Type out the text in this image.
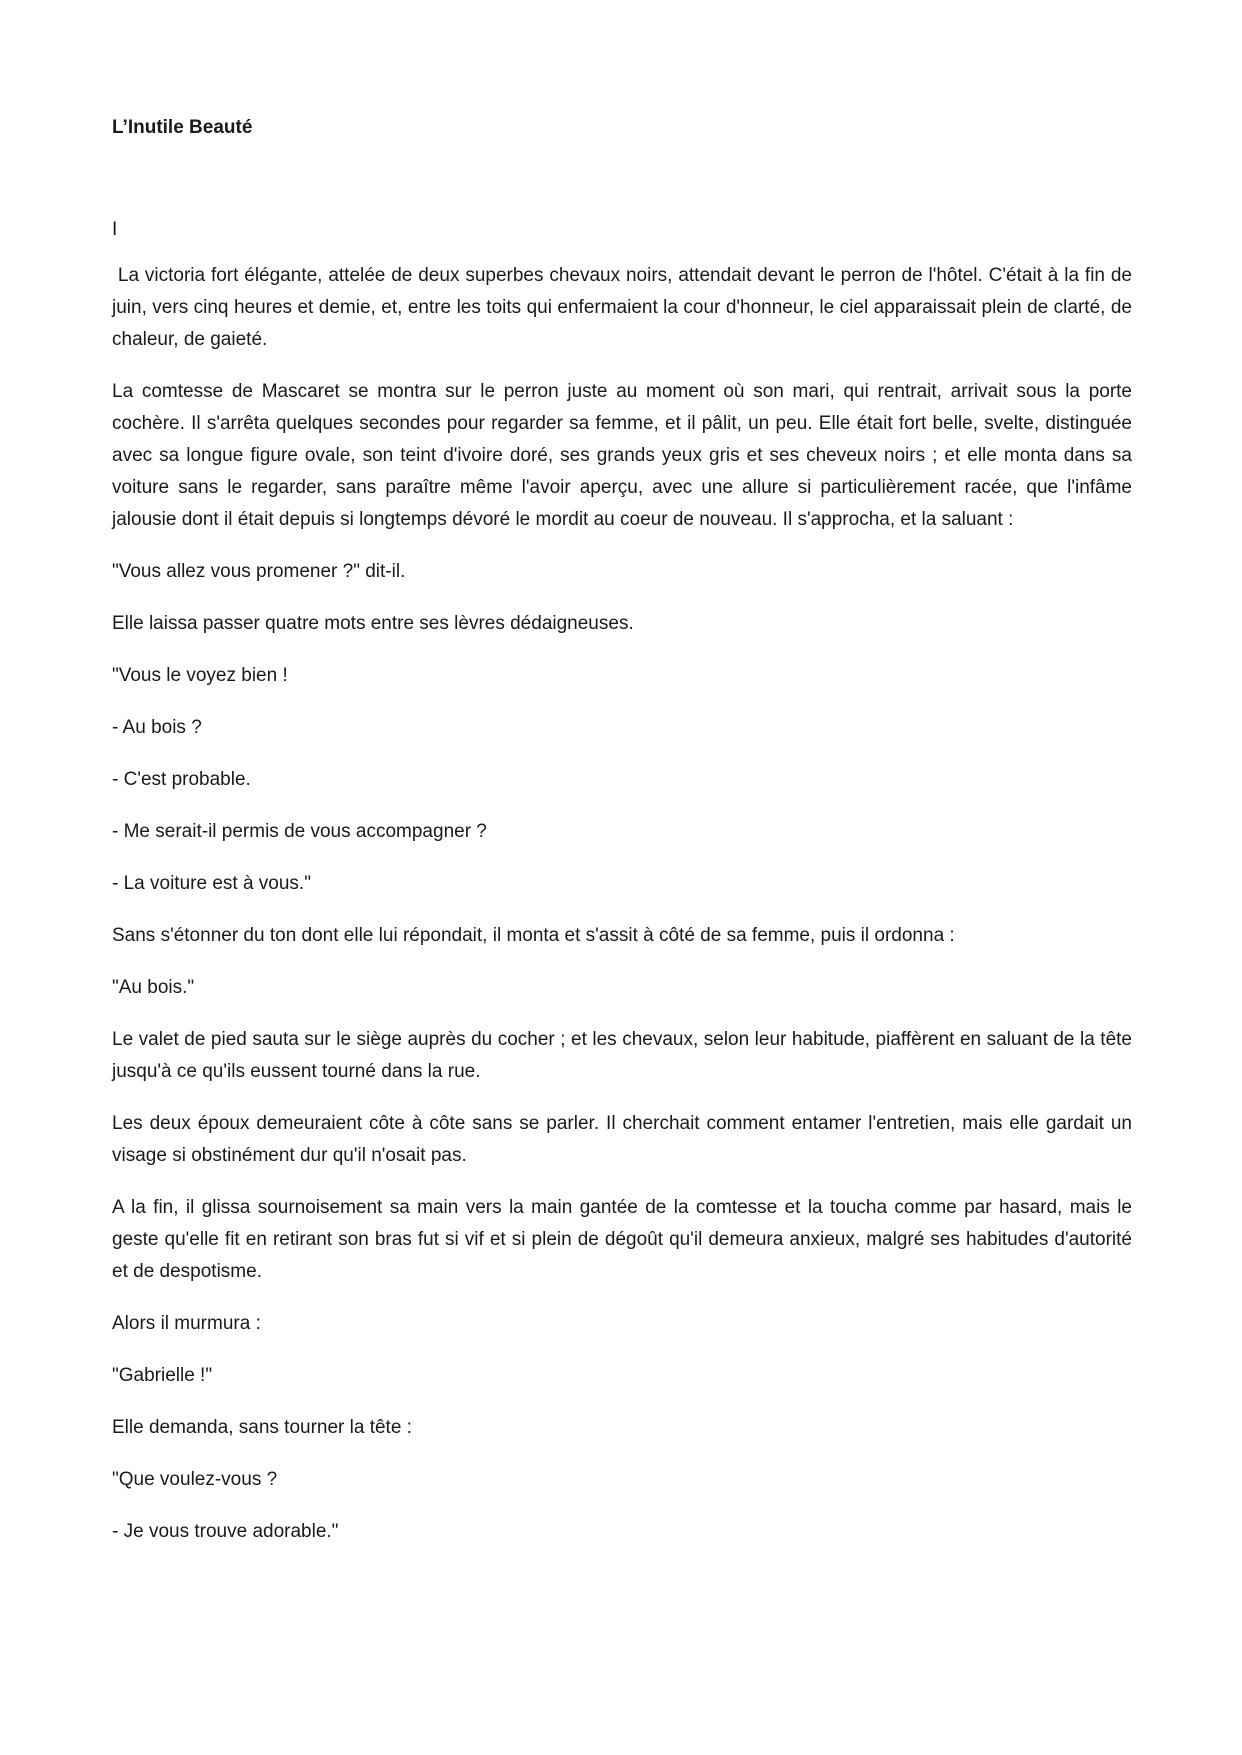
L’Inutile Beauté

I

La victoria fort élégante, attelée de deux superbes chevaux noirs, attendait devant le perron de l'hôtel. C'était à la fin de juin, vers cinq heures et demie, et, entre les toits qui enfermaient la cour d'honneur, le ciel apparaissait plein de clarté, de chaleur, de gaieté.

La comtesse de Mascaret se montra sur le perron juste au moment où son mari, qui rentrait, arrivait sous la porte cochère. Il s'arrêta quelques secondes pour regarder sa femme, et il pâlit, un peu. Elle était fort belle, svelte, distinguée avec sa longue figure ovale, son teint d'ivoire doré, ses grands yeux gris et ses cheveux noirs ; et elle monta dans sa voiture sans le regarder, sans paraître même l'avoir aperçu, avec une allure si particulièrement racée, que l'infâme jalousie dont il était depuis si longtemps dévoré le mordit au coeur de nouveau. Il s'approcha, et la saluant :

"Vous allez vous promener ?" dit-il.

Elle laissa passer quatre mots entre ses lèvres dédaigneuses.

"Vous le voyez bien !

- Au bois ?

- C'est probable.

- Me serait-il permis de vous accompagner ?

- La voiture est à vous."

Sans s'étonner du ton dont elle lui répondait, il monta et s'assit à côté de sa femme, puis il ordonna :

"Au bois."

Le valet de pied sauta sur le siège auprès du cocher ; et les chevaux, selon leur habitude, piaffèrent en saluant de la tête jusqu'à ce qu'ils eussent tourné dans la rue.

Les deux époux demeuraient côte à côte sans se parler. Il cherchait comment entamer l'entretien, mais elle gardait un visage si obstinément dur qu'il n'osait pas.

A la fin, il glissa sournoisement sa main vers la main gantée de la comtesse et la toucha comme par hasard, mais le geste qu'elle fit en retirant son bras fut si vif et si plein de dégoût qu'il demeura anxieux, malgré ses habitudes d'autorité et de despotisme.

Alors il murmura :

"Gabrielle !"

Elle demanda, sans tourner la tête :

"Que voulez-vous ?

- Je vous trouve adorable."
